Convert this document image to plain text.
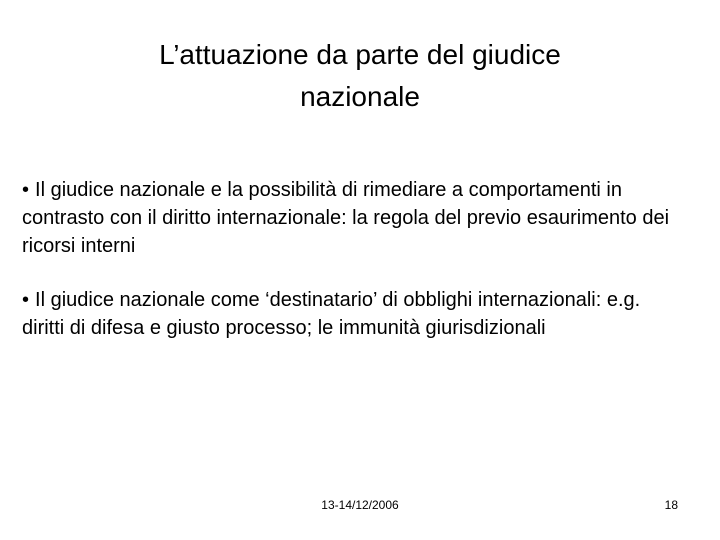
L’attuazione da parte del giudice
nazionale
• Il giudice nazionale e la possibilità di rimediare a comportamenti in contrasto con il diritto internazionale: la regola del previo esaurimento dei ricorsi interni
• Il giudice nazionale come ‘destinatario’ di obblighi internazionali: e.g. diritti di difesa e giusto processo; le immunità giurisdizionali
13-14/12/2006	18
